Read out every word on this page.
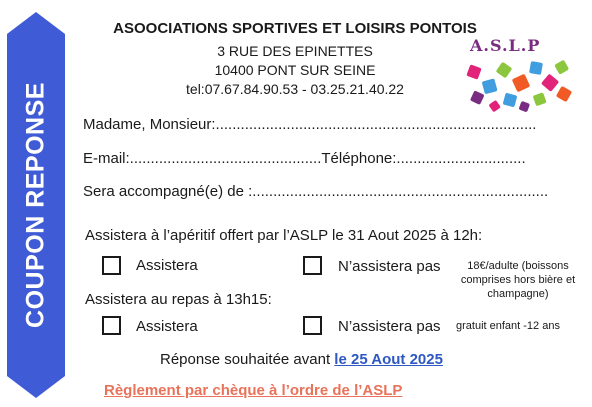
COUPON REPONSE
ASOOCIATIONS SPORTIVES ET LOISIRS PONTOIS
3 RUE DES EPINETTES
10400 PONT SUR SEINE
tel:07.67.84.90.53 - 03.25.21.40.22
A.S.L.P
Madame, Monsieur:.............................................................................
E-mail:..............................................Téléphone:...............................
Sera accompagné(e) de :.......................................................................
Assistera à l’apéritif offert par l’ASLP le 31 Aout 2025 à 12h:
Assistera	N’assistera pas	18€/adulte (boissons comprises hors bière et champagne)
Assistera au repas à 13h15:
Assistera	N’assistera pas gratuit enfant -12 ans
Réponse souhaitée avant le 25 Aout 2025
Règlement par chèque à l’ordre de l’ASLP
